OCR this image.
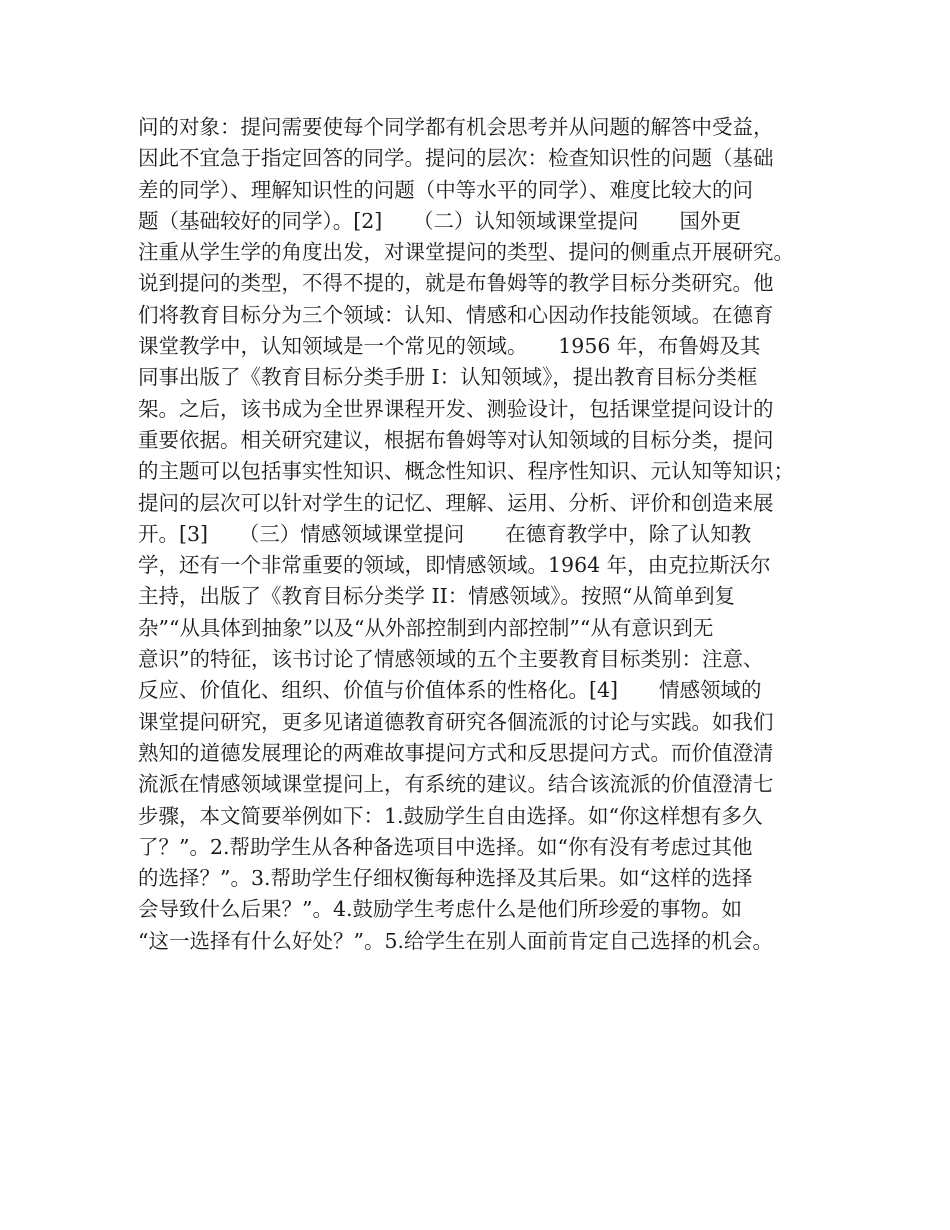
问的对象：提问需要使每个同学都有机会思考并从问题的解答中受益，
因此不宜急于指定回答的同学。提问的层次：检查知识性的问题（基础
差的同学）、理解知识性的问题（中等水平的同学）、难度比较大的问
题（基础较好的同学）。[2]　　（二）认知领域课堂提问　　国外更
注重从学生学的角度出发，对课堂提问的类型、提问的侧重点开展研究。
说到提问的类型，不得不提的，就是布鲁姆等的教学目标分类研究。他
们将教育目标分为三个领域：认知、情感和心因动作技能领域。在德育
课堂教学中，认知领域是一个常见的领域。　　1956 年，布鲁姆及其
同事出版了《教育目标分类手册 I：认知领域》，提出教育目标分类框
架。之后，该书成为全世界课程开发、测验设计，包括课堂提问设计的
重要依据。相关研究建议，根据布鲁姆等对认知领域的目标分类，提问
的主题可以包括事实性知识、概念性知识、程序性知识、元认知等知识；
提问的层次可以针对学生的记忆、理解、运用、分析、评价和创造来展
开。[3]　　（三）情感领域课堂提问　　在德育教学中，除了认知教
学，还有一个非常重要的领域，即情感领域。1964 年，由克拉斯沃尔
主持，出版了《教育目标分类学 II：情感领域》。按照“从简单到复
杂”“从具体到抽象”以及“从外部控制到内部控制”“从有意识到无
意识”的特征，该书讨论了情感领域的五个主要教育目标类别：注意、
反应、价值化、组织、价值与价值体系的性格化。[4]　　情感领域的
课堂提问研究，更多见诸道德教育研究各個流派的讨论与实践。如我们
熟知的道德发展理论的两难故事提问方式和反思提问方式。而价值澄清
流派在情感领域课堂提问上，有系统的建议。结合该流派的价值澄清七
步骤，本文简要举例如下：1.鼓励学生自由选择。如“你这样想有多久
了？”。2.帮助学生从各种备选项目中选择。如“你有没有考虑过其他
的选择？”。3.帮助学生仔细权衡每种选择及其后果。如“这样的选择
会导致什么后果？”。4.鼓励学生考虑什么是他们所珍爱的事物。如
“这一选择有什么好处？”。5.给学生在别人面前肯定自己选择的机会。
